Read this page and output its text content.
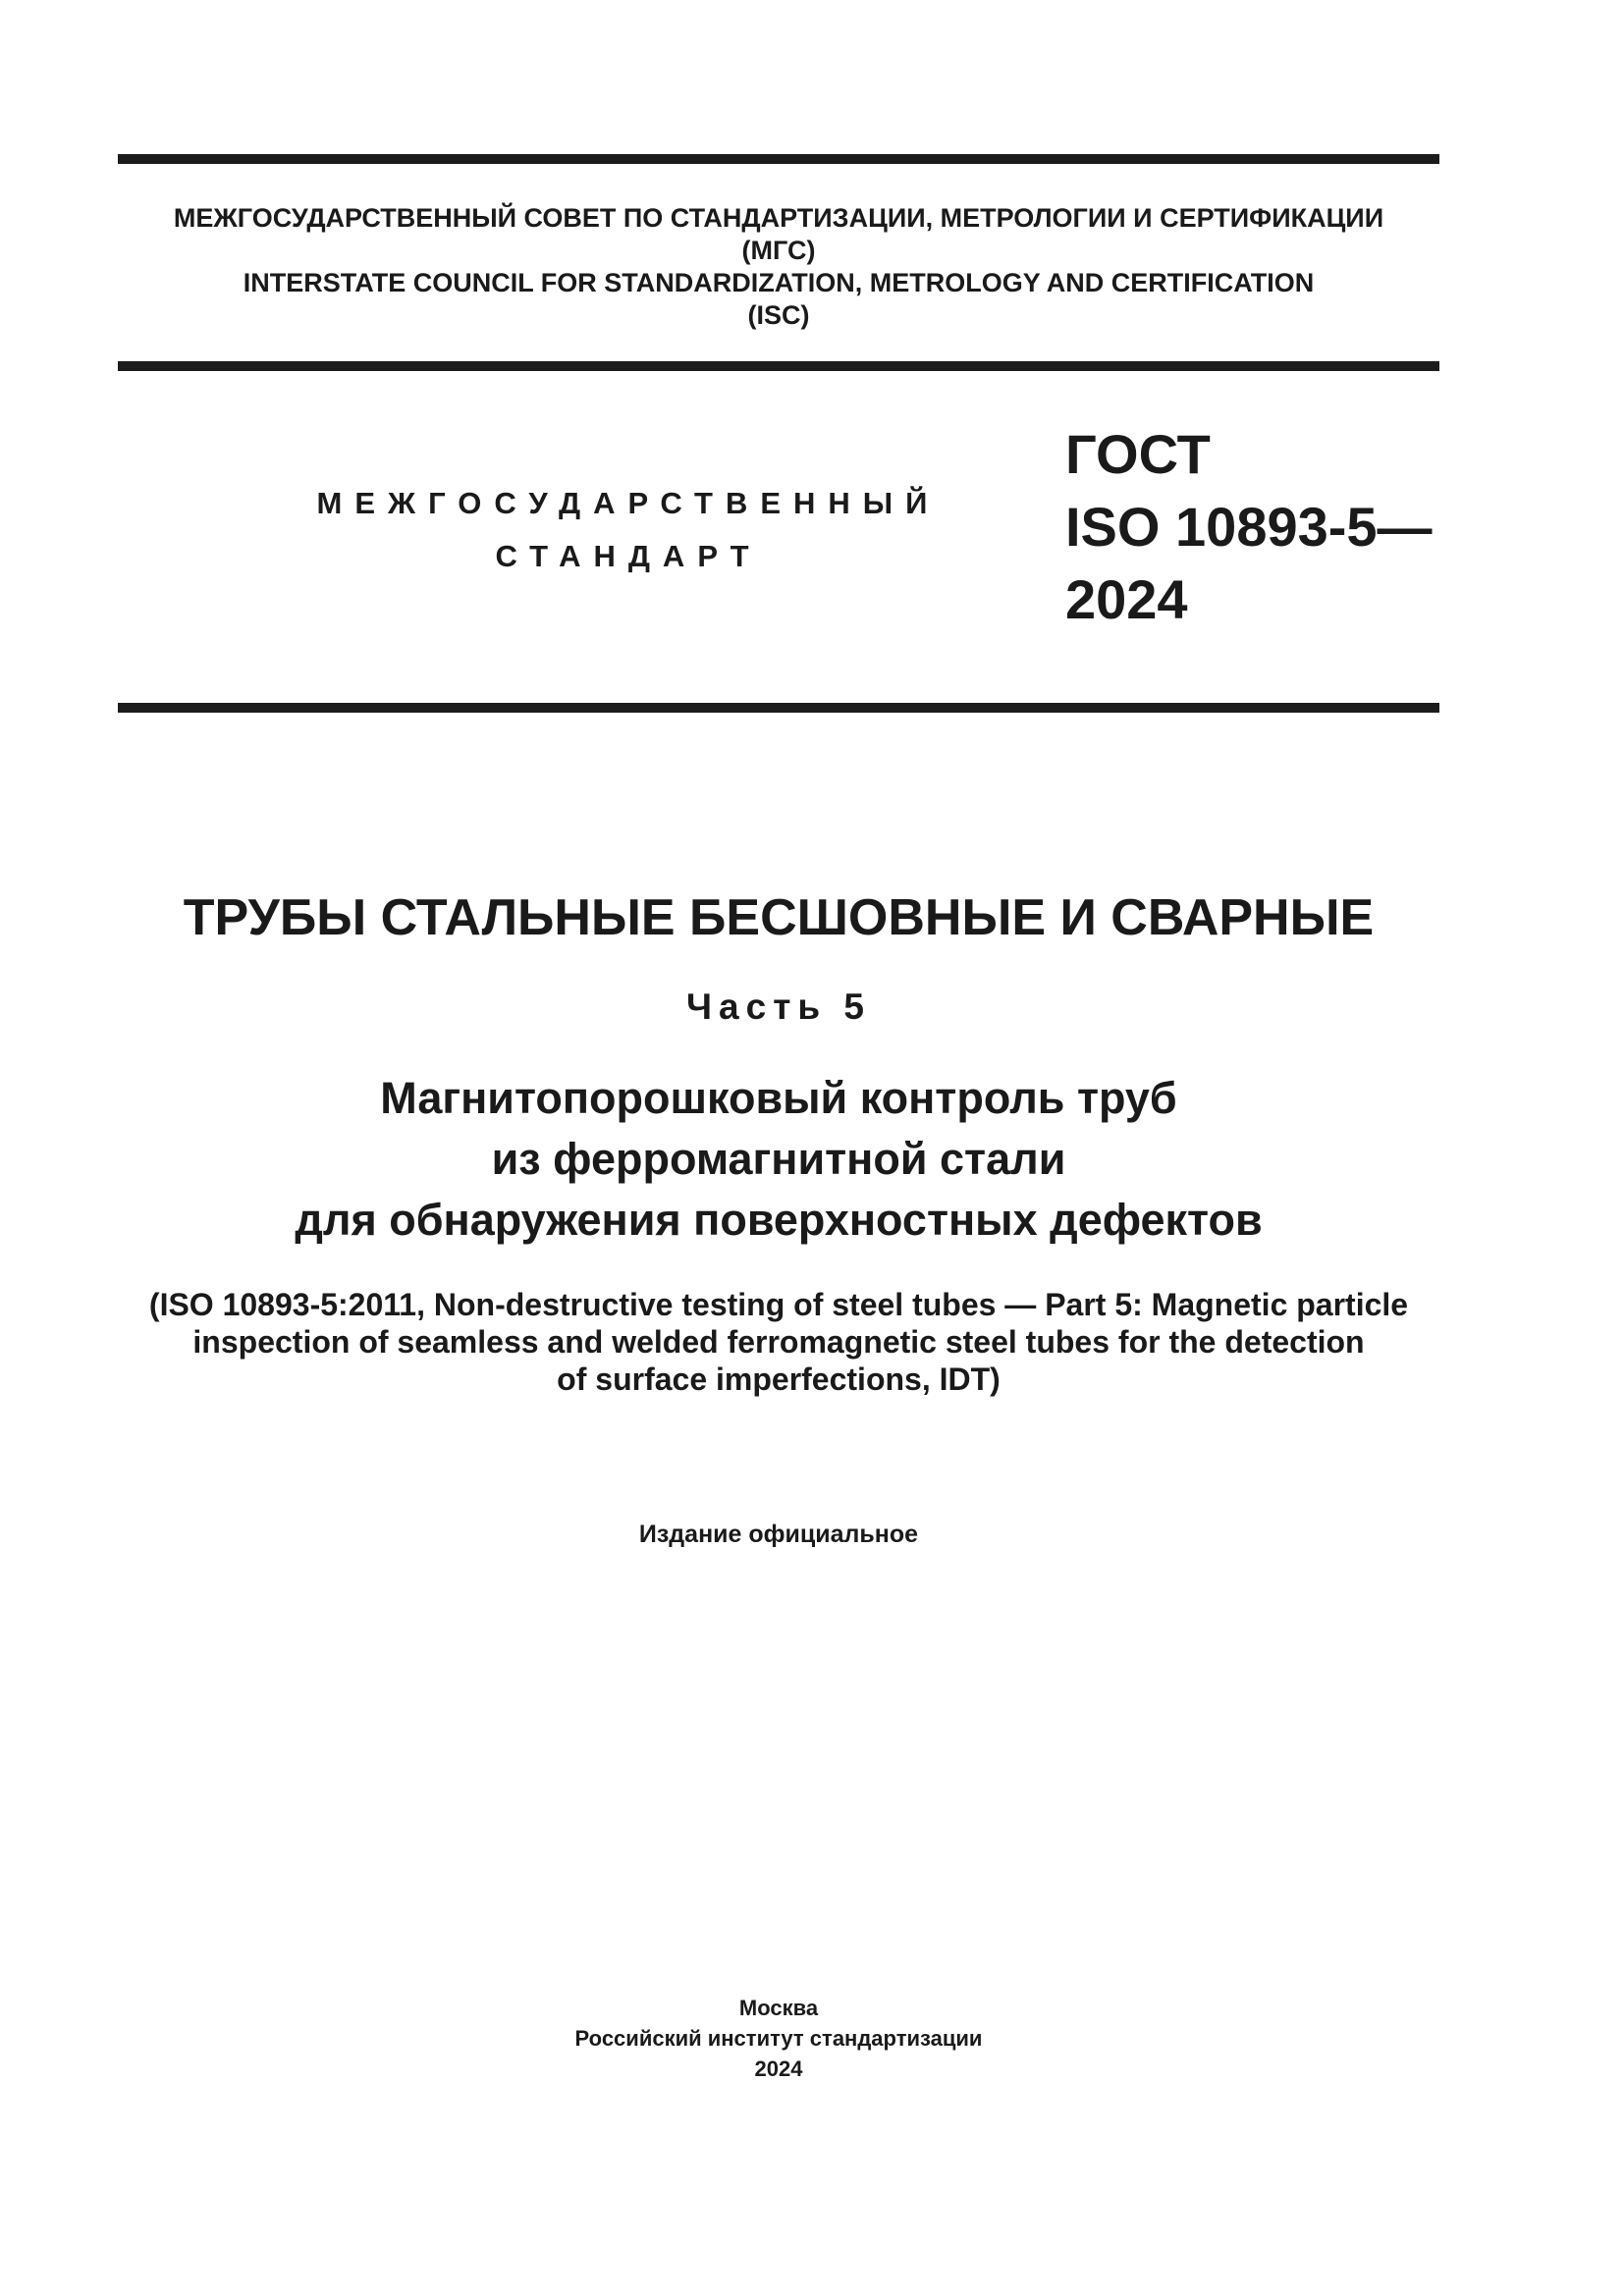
МЕЖГОСУДАРСТВЕННЫЙ СОВЕТ ПО СТАНДАРТИЗАЦИИ, МЕТРОЛОГИИ И СЕРТИФИКАЦИИ
(МГС)
INTERSTATE COUNCIL FOR STANDARDIZATION, METROLOGY AND CERTIFICATION
(ISC)
МЕЖГОСУДАРСТВЕННЫЙ
СТАНДАРТ
ГОСТ
ISO 10893-5—
2024
ТРУБЫ СТАЛЬНЫЕ БЕСШОВНЫЕ И СВАРНЫЕ
Часть 5
Магнитопорошковый контроль труб
из ферромагнитной стали
для обнаружения поверхностных дефектов
(ISO 10893-5:2011, Non-destructive testing of steel tubes — Part 5: Magnetic particle
inspection of seamless and welded ferromagnetic steel tubes for the detection
of surface imperfections, IDT)
Издание официальное
Москва
Российский институт стандартизации
2024
